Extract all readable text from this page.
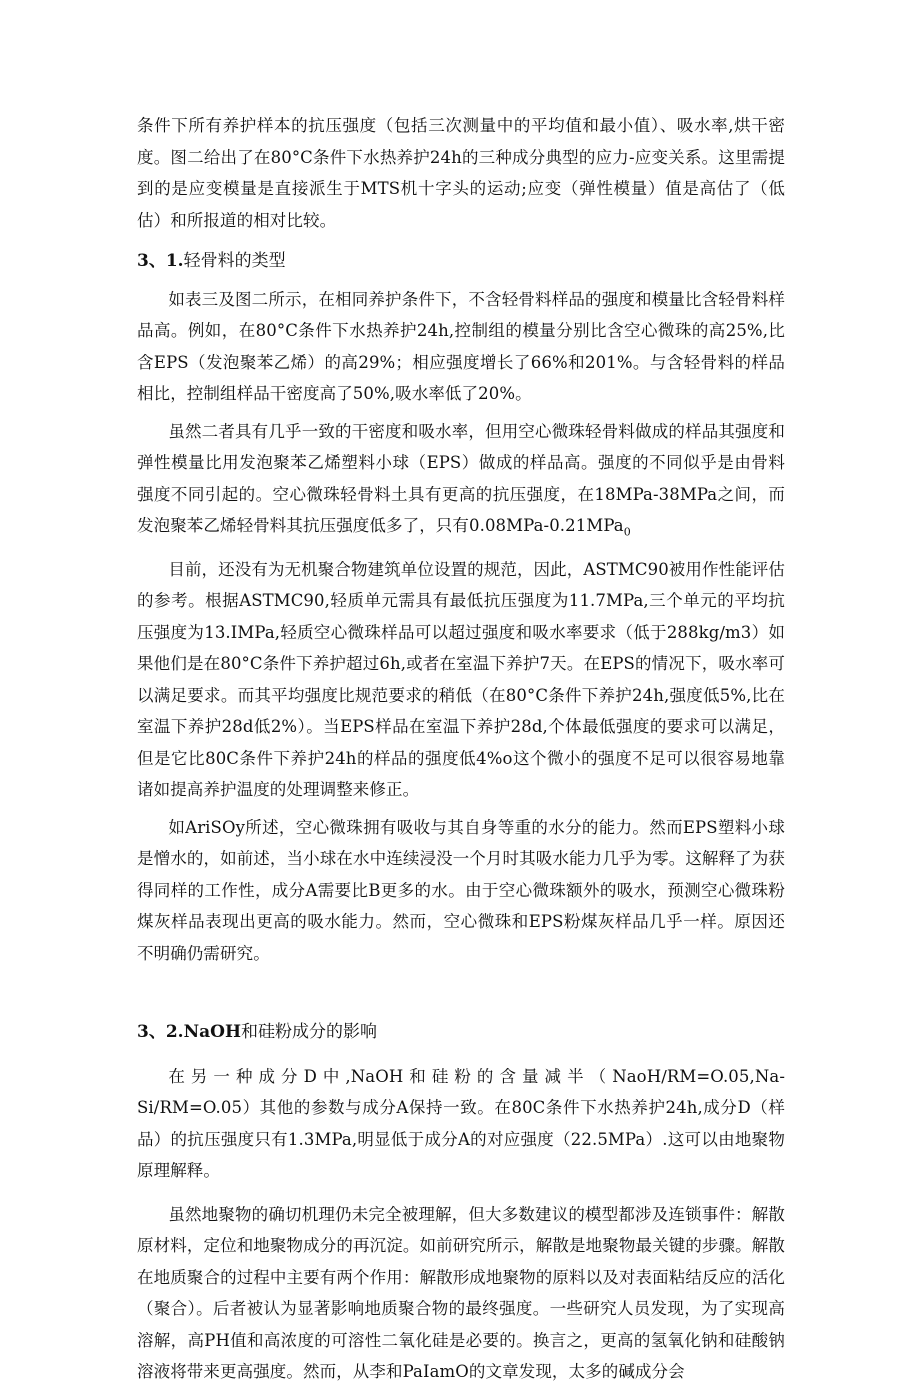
条件下所有养护样本的抗压强度（包括三次测量中的平均值和最小值）、吸水率,烘干密度。图二给出了在80°C条件下水热养护24h的三种成分典型的应力-应变关系。这里需提到的是应变模量是直接派生于MTS机十字头的运动;应变（弹性模量）值是高估了（低估）和所报道的相对比较。

3、1.轻骨料的类型

如表三及图二所示，在相同养护条件下，不含轻骨料样品的强度和模量比含轻骨料样品高。例如，在80°C条件下水热养护24h,控制组的模量分别比含空心微珠的高25%,比含EPS（发泡聚苯乙烯）的高29%；相应强度增长了66%和201%。与含轻骨料的样品相比，控制组样品干密度高了50%,吸水率低了20%。

虽然二者具有几乎一致的干密度和吸水率，但用空心微珠轻骨料做成的样品其强度和弹性模量比用发泡聚苯乙烯塑料小球（EPS）做成的样品高。强度的不同似乎是由骨料强度不同引起的。空心微珠轻骨料土具有更高的抗压强度，在18MPa-38MPa之间，而发泡聚苯乙烯轻骨料其抗压强度低多了，只有0.08MPa-0.21MPa$_0$

目前，还没有为无机聚合物建筑单位设置的规范，因此，ASTMC90被用作性能评估的参考。根据ASTMC90,轻质单元需具有最低抗压强度为11.7MPa,三个单元的平均抗压强度为13.IMPa,轻质空心微珠样品可以超过强度和吸水率要求（低于288kg∕m3）如果他们是在80°C条件下养护超过6h,或者在室温下养护7天。在EPS的情况下，吸水率可以满足要求。而其平均强度比规范要求的稍低（在80°C条件下养护24h,强度低5%,比在室温下养护28d低2%）。当EPS样品在室温下养护28d,个体最低强度的要求可以满足，但是它比80C条件下养护24h的样品的强度低4%o这个微小的强度不足可以很容易地靠诸如提高养护温度的处理调整来修正。

如AriSOy所述，空心微珠拥有吸收与其自身等重的水分的能力。然而EPS塑料小球是憎水的，如前述，当小球在水中连续浸没一个月时其吸水能力几乎为零。这解释了为获得同样的工作性，成分A需要比B更多的水。由于空心微珠额外的吸水，预测空心微珠粉煤灰样品表现出更高的吸水能力。然而，空心微珠和EPS粉煤灰样品几乎一样。原因还不明确仍需研究。

3、2.NaOH和硅粉成分的影响

在另一种成分D中,NaOH和硅粉的含量减半（NaoH∕RM=O.05,Na-Si/RM=O.05）其他的参数与成分A保持一致。在80C条件下水热养护24h,成分D（样品）的抗压强度只有1.3MPa,明显低于成分A的对应强度（22.5MPa）.这可以由地聚物原理解释。

虽然地聚物的确切机理仍未完全被理解，但大多数建议的模型都涉及连锁事件：解散原材料，定位和地聚物成分的再沉淀。如前研究所示，解散是地聚物最关键的步骤。解散在地质聚合的过程中主要有两个作用：解散形成地聚物的原料以及对表面粘结反应的活化（聚合）。后者被认为显著影响地质聚合物的最终强度。一些研究人员发现，为了实现高溶解，高PH值和高浓度的可溶性二氧化硅是必要的。换言之，更高的氢氧化钠和硅酸钠溶液将带来更高强度。然而，从李和PaIamO的文章发现，太多的碱成分会
